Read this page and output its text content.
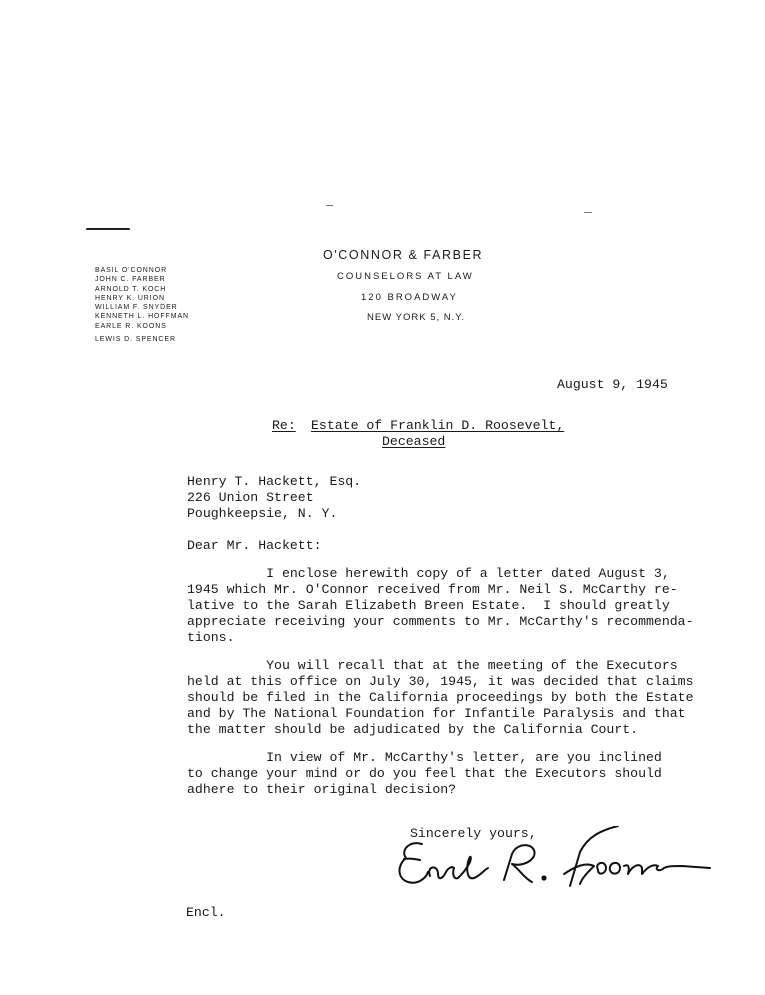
O'CONNOR & FARBER
COUNSELORS AT LAW
120 BROADWAY
NEW YORK 5, N.Y.
BASIL O'CONNOR
JOHN C. FARBER
ARNOLD T. KOCH
HENRY K. URION
WILLIAM F. SNYDER
KENNETH L. HOFFMAN
EARLE R. KOONS
LEWIS D. SPENCER
August 9, 1945
Re: Estate of Franklin D. Roosevelt,
Deceased
Henry T. Hackett, Esq.
226 Union Street
Poughkeepsie, N. Y.
Dear Mr. Hackett:
I enclose herewith copy of a letter dated August 3,
1945 which Mr. O'Connor received from Mr. Neil S. McCarthy re-
lative to the Sarah Elizabeth Breen Estate.  I should greatly
appreciate receiving your comments to Mr. McCarthy's recommenda-
tions.
You will recall that at the meeting of the Executors
held at this office on July 30, 1945, it was decided that claims
should be filed in the California proceedings by both the Estate
and by The National Foundation for Infantile Paralysis and that
the matter should be adjudicated by the California Court.
In view of Mr. McCarthy's letter, are you inclined
to change your mind or do you feel that the Executors should
adhere to their original decision?
Sincerely yours,
Encl.
